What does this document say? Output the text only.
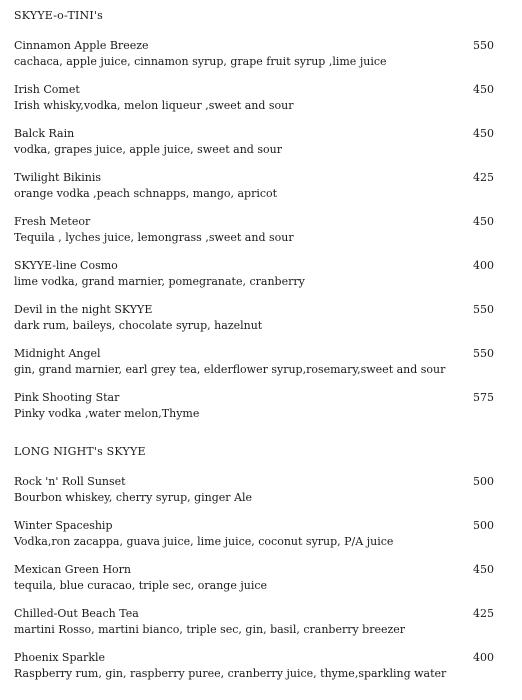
SKYYE-o-TINI's
Cinnamon Apple Breeze
cachaca, apple juice, cinnamon syrup, grape fruit syrup ,lime juice
550
Irish Comet
Irish whisky,vodka, melon liqueur ,sweet and sour
450
Balck Rain
vodka, grapes juice, apple juice, sweet and sour
450
Twilight Bikinis
orange vodka ,peach schnapps, mango, apricot
425
Fresh Meteor
Tequila , lyches juice, lemongrass ,sweet and sour
450
SKYYE-line Cosmo
lime vodka, grand marnier, pomegranate, cranberry
400
Devil in the night SKYYE
dark rum, baileys, chocolate syrup, hazelnut
550
Midnight Angel
gin, grand marnier, earl grey tea, elderflower syrup,rosemary,sweet and sour
550
Pink Shooting Star
Pinky vodka ,water melon,Thyme
575
LONG NIGHT's SKYYE
Rock 'n' Roll Sunset
Bourbon whiskey, cherry syrup, ginger Ale
500
Winter Spaceship
Vodka,ron zacappa, guava juice, lime juice, coconut syrup, P/A juice
500
Mexican Green Horn
tequila, blue curacao, triple sec, orange juice
450
Chilled-Out Beach Tea
martini Rosso, martini bianco, triple sec, gin, basil, cranberry breezer
425
Phoenix Sparkle
Raspberry rum, gin, raspberry puree, cranberry juice, thyme,sparkling water
400
